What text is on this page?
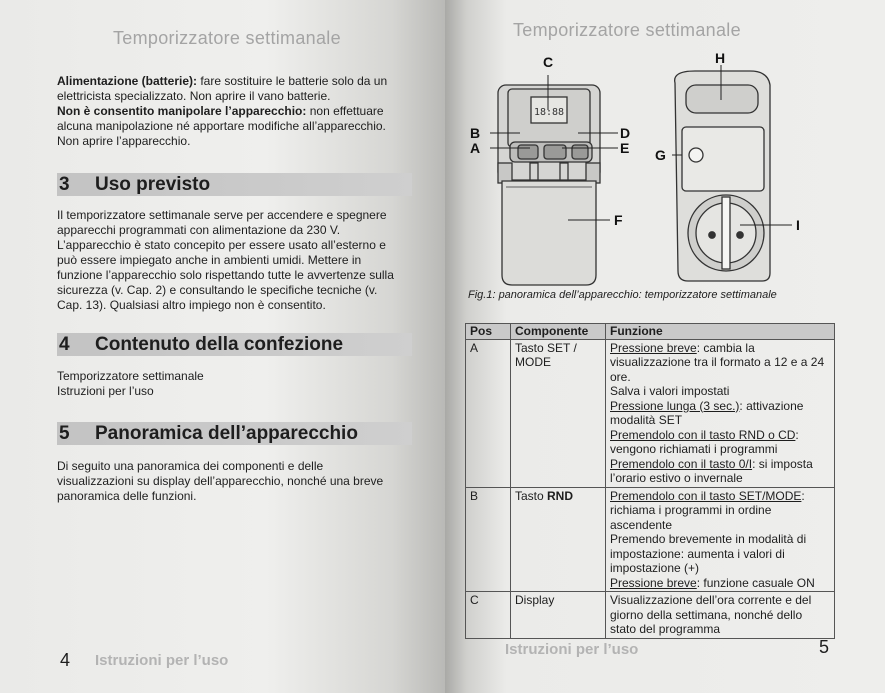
Temporizzatore settimanale

Alimentazione (batterie): fare sostituire le batterie solo da un
elettricista specializzato. Non aprire il vano batterie.
Non è consentito manipolare l’apparecchio: non effettuare
alcuna manipolazione né apportare modifiche all’apparecchio.
Non aprire l’apparecchio.

3	Uso previsto

Il temporizzatore settimanale serve per accendere e spegnere
apparecchi programmati con alimentazione da 230 V.
L’apparecchio è stato concepito per essere usato all’esterno e
può essere impiegato anche in ambienti umidi. Mettere in
funzione l’apparecchio solo rispettando tutte le avvertenze sulla
sicurezza (v. Cap. 2) e consultando le specifiche tecniche (v.
Cap. 13). Qualsiasi altro impiego non è consentito.

4	Contenuto della confezione

Temporizzatore settimanale
Istruzioni per l’uso

5	Panoramica dell’apparecchio

Di seguito una panoramica dei componenti e delle
visualizzazioni su display dell’apparecchio, nonché una breve
panoramica delle funzioni.

4 Istruzioni per l’uso
Temporizzatore settimanale
18:88
A
B
C
D
E
F
G
H
I
Fig.1: panoramica dell’apparecchio: temporizzatore settimanale
Pos	Componente	Funzione
A	Tasto SET / MODE	Pressione breve: cambia la visualizzazione tra il formato a 12 e a 24 ore.
Salva i valori impostati
Pressione lunga (3 sec.): attivazione modalità SET
Premendolo con il tasto RND o CD: vengono richiamati i programmi
Premendolo con il tasto 0/I: si imposta l’orario estivo o invernale

B	Tasto RND	Premendolo con il tasto SET/MODE: richiama i programmi in ordine ascendente
Premendo brevemente in modalità di impostazione: aumenta i valori di impostazione (+)
Pressione breve: funzione casuale ON

C	Display	Visualizzazione dell’ora corrente e del giorno della settimana, nonché dello stato del programma
Istruzioni per l’uso	5
